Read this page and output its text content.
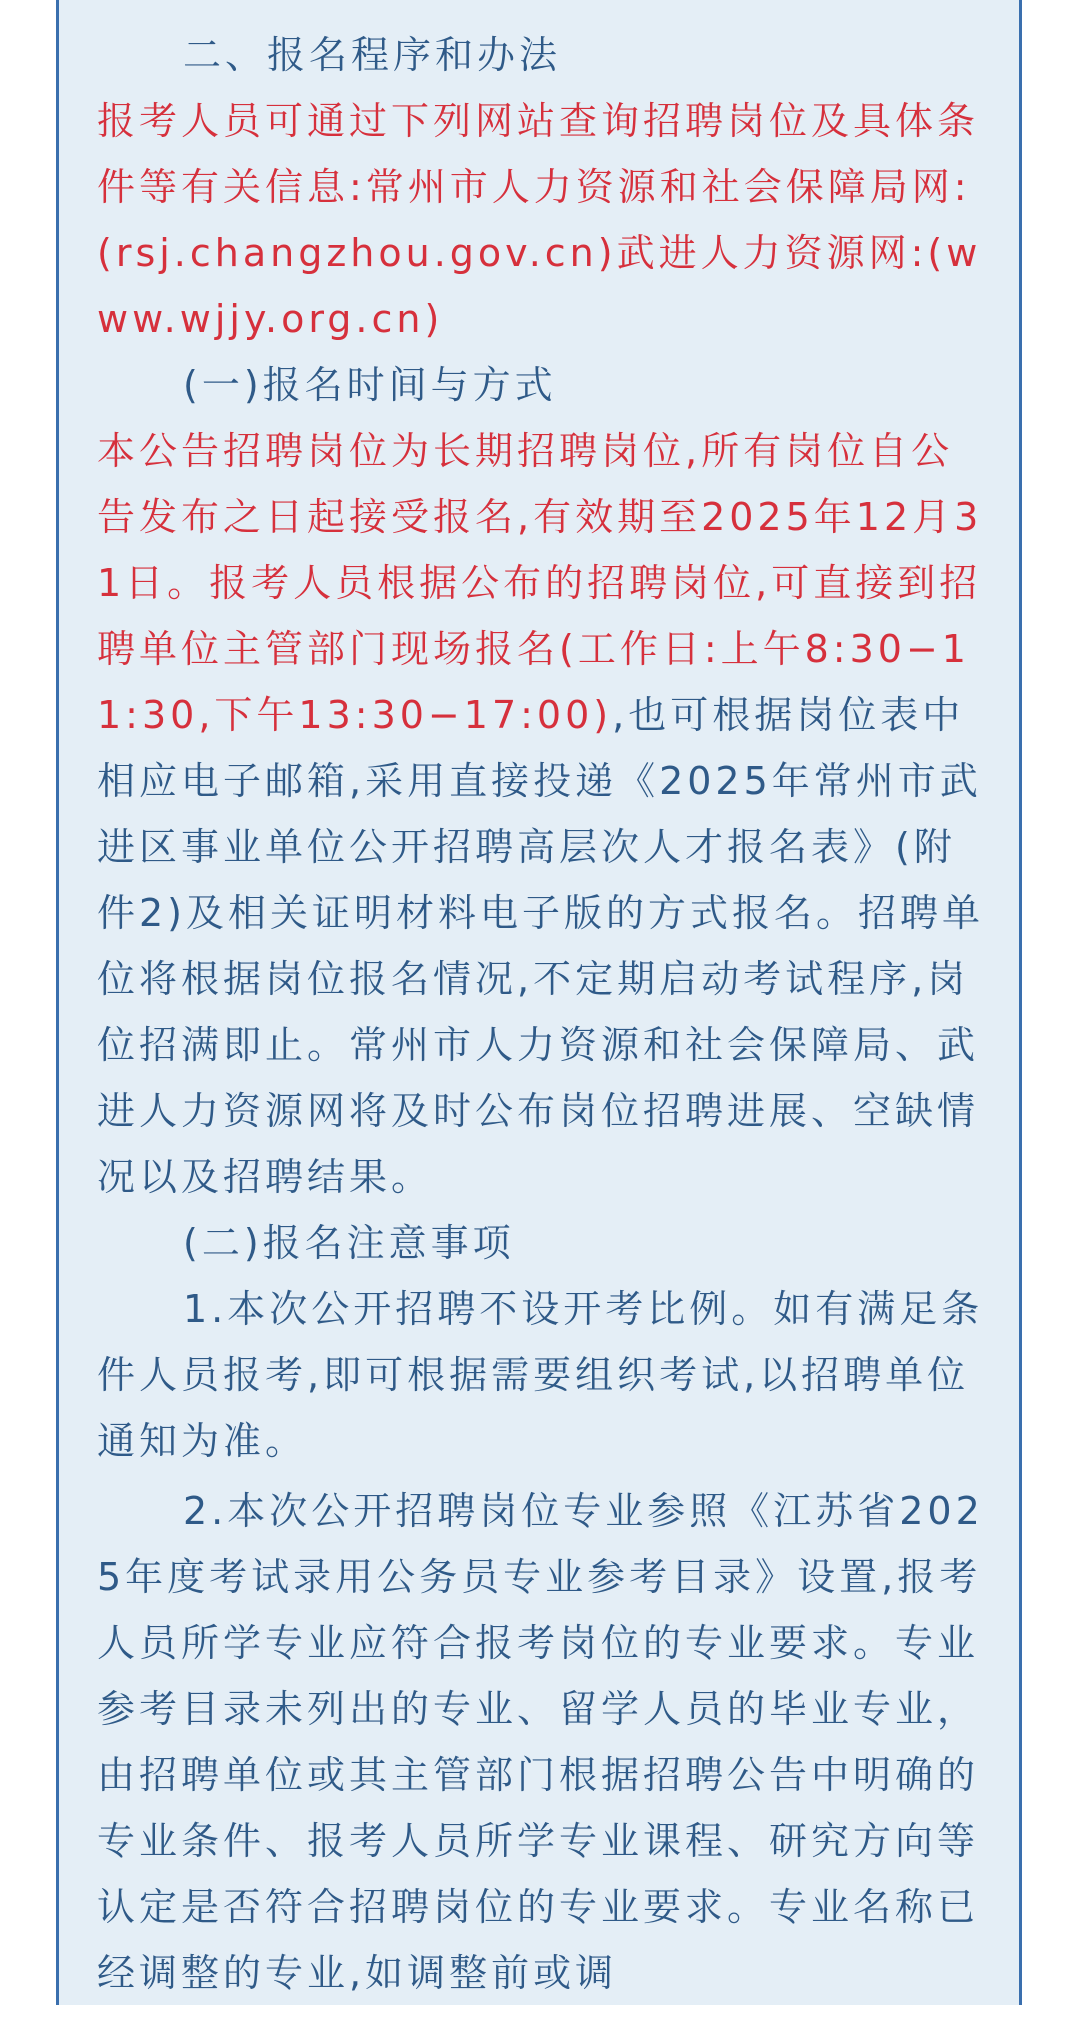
二、报名程序和办法

报考人员可通过下列网站查询招聘岗位及具体条件等有关信息:常州市人力资源和社会保障局网:(rsj.changzhou.gov.cn)武进人力资源网:(www.wjjy.org.cn)

(一)报名时间与方式

本公告招聘岗位为长期招聘岗位,所有岗位自公告发布之日起接受报名,有效期至2025年12月31日。报考人员根据公布的招聘岗位,可直接到招聘单位主管部门现场报名(工作日:上午8:30−11:30,下午13:30−17:00),也可根据岗位表中相应电子邮箱,采用直接投递《2025年常州市武进区事业单位公开招聘高层次人才报名表》(附件2)及相关证明材料电子版的方式报名。招聘单位将根据岗位报名情况,不定期启动考试程序,岗位招满即止。常州市人力资源和社会保障局、武进人力资源网将及时公布岗位招聘进展、空缺情况以及招聘结果。

(二)报名注意事项

1.本次公开招聘不设开考比例。如有满足条件人员报考,即可根据需要组织考试,以招聘单位通知为准。

2.本次公开招聘岗位专业参照《江苏省2025年度考试录用公务员专业参考目录》设置,报考人员所学专业应符合报考岗位的专业要求。专业参考目录未列出的专业、留学人员的毕业专业，由招聘单位或其主管部门根据招聘公告中明确的专业条件、报考人员所学专业课程、研究方向等认定是否符合招聘岗位的专业要求。专业名称已经调整的专业,如调整前或调
